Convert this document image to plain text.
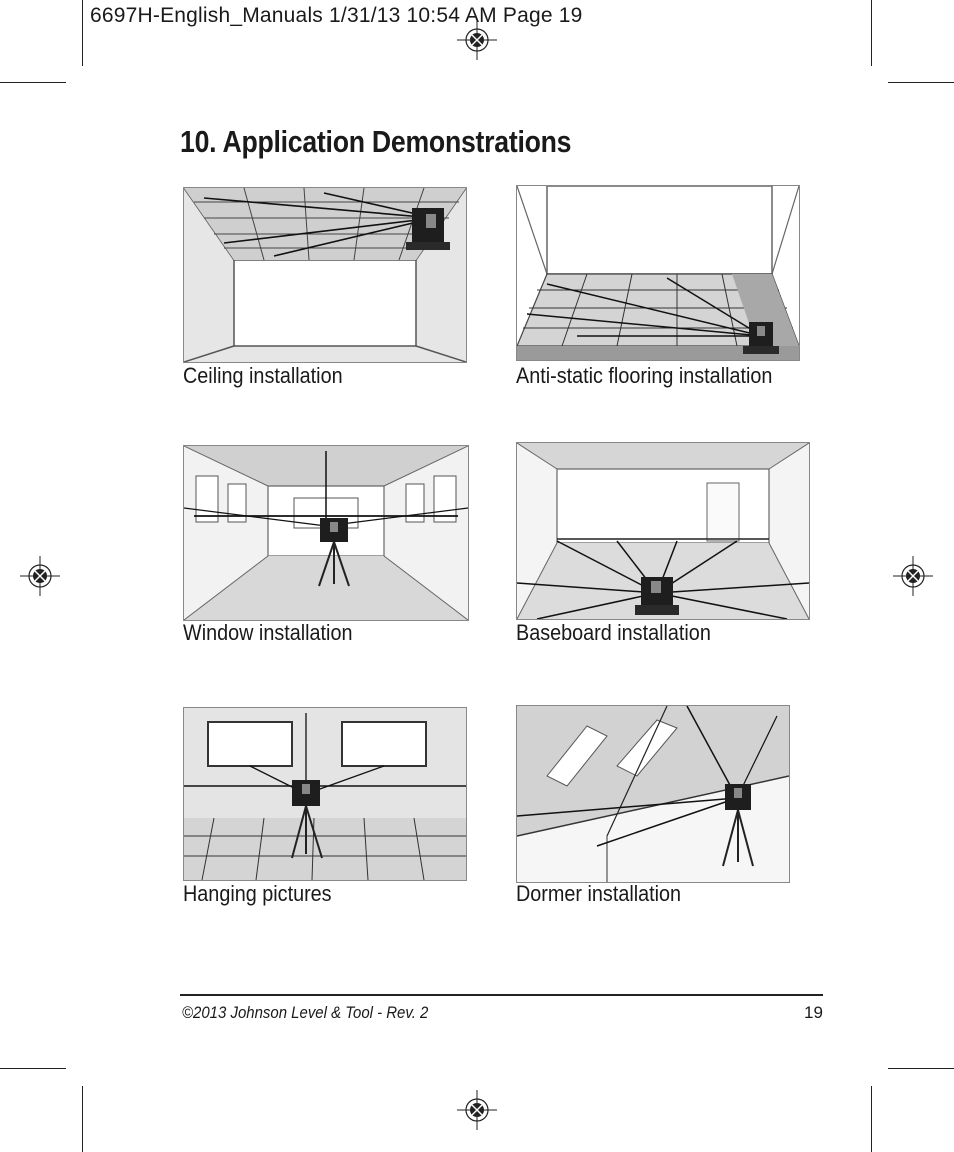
6697H-English_Manuals 1/31/13 10:54 AM Page 19
10. Application Demonstrations
Ceiling installation	Anti-static flooring installation
Window installation	Baseboard installation
Hanging pictures	Dormer installation
©2013 Johnson Level & Tool - Rev. 2	19
